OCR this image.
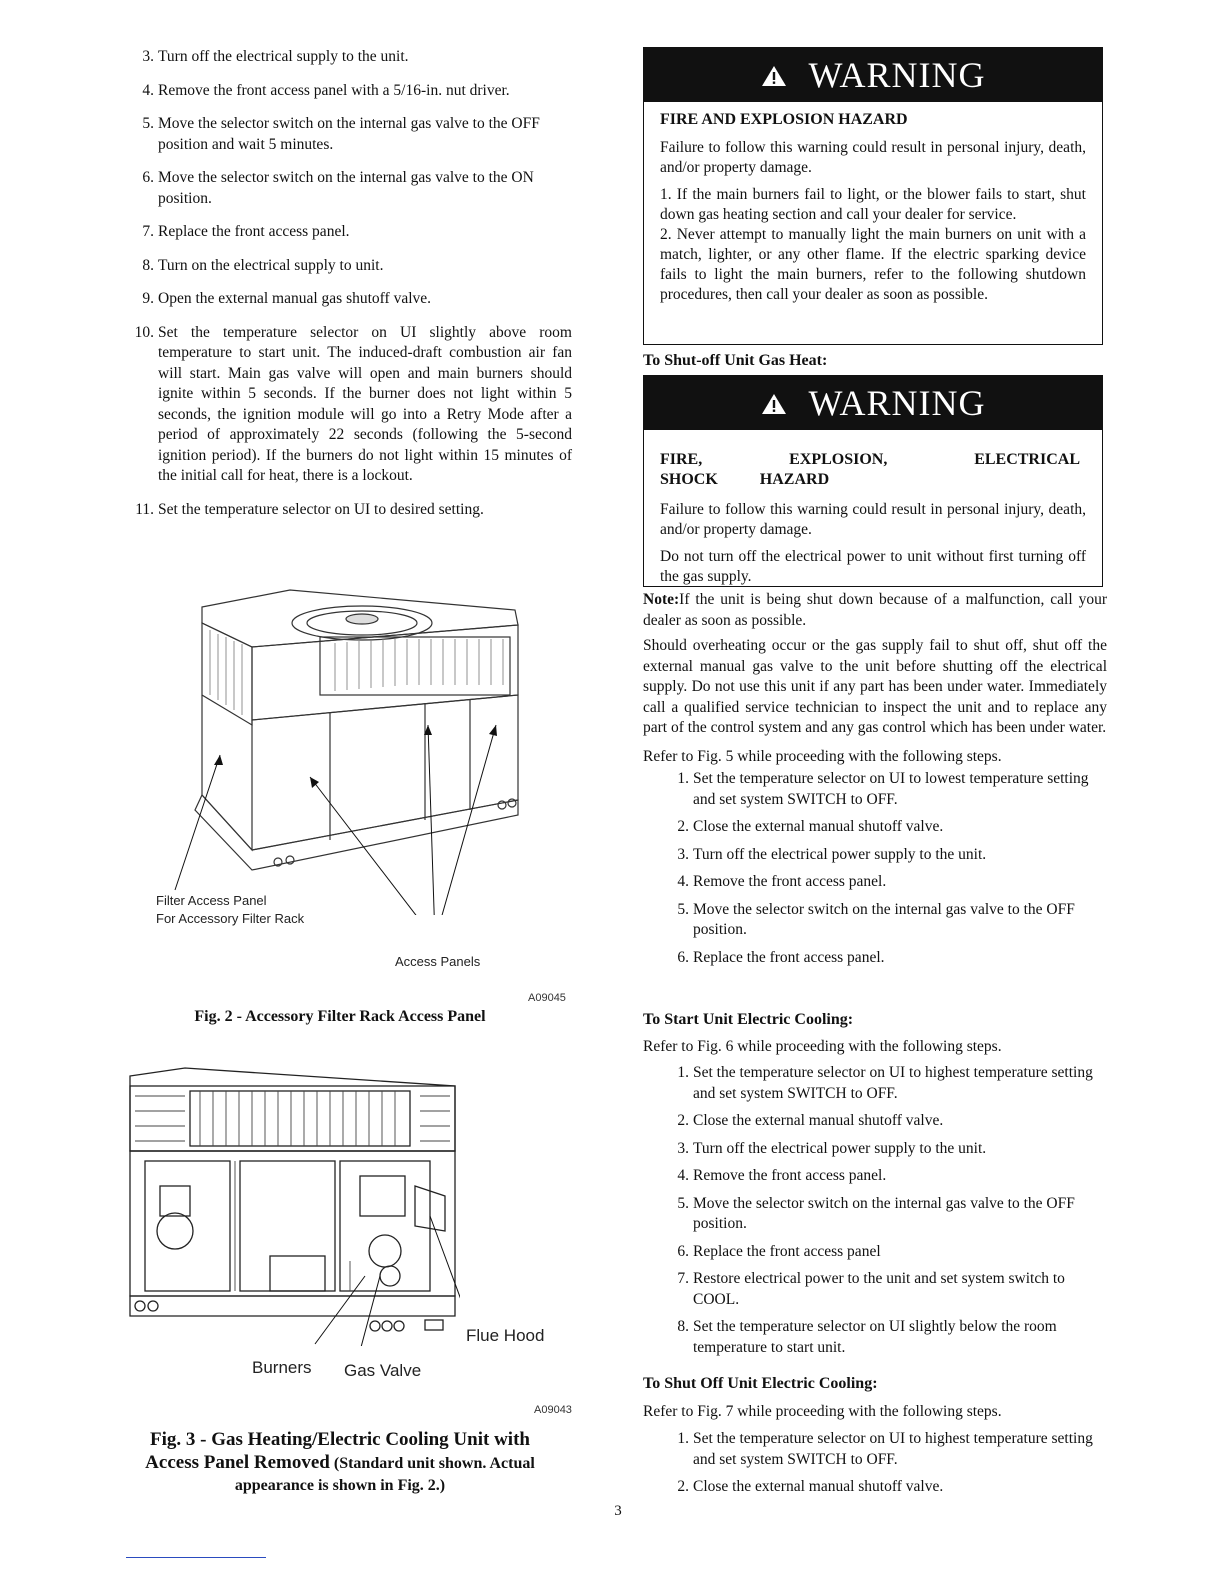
3. Turn off the electrical supply to the unit.
4. Remove the front access panel with a 5/16-in. nut driver.
5. Move the selector switch on the internal gas valve to the OFF position and wait 5 minutes.
6. Move the selector switch on the internal gas valve to the ON position.
7. Replace the front access panel.
8. Turn on the electrical supply to unit.
9. Open the external manual gas shutoff valve.
10. Set the temperature selector on UI slightly above room temperature to start unit. The induced-draft combustion air fan will start. Main gas valve will open and main burners should ignite within 5 seconds. If the burner does not light within 5 seconds, the ignition module will go into a Retry Mode after a period of approximately 22 seconds (following the 5-second ignition period). If the burners do not light within 15 minutes of the initial call for heat, there is a lockout.
11. Set the temperature selector on UI to desired setting.
Filter Access Panel
For Accessory Filter Rack
Access Panels
A09045
Fig. 2 - Accessory Filter Rack Access Panel
Flue Hood
Burners Gas Valve
A09043
Fig. 3 - Gas Heating/Electric Cooling Unit with
Access Panel Removed (Standard unit shown. Actual
appearance is shown in Fig. 2.)
WARNING
FIRE AND EXPLOSION HAZARD

Failure to follow this warning could result in personal injury, death, and/or property damage.

1. If the main burners fail to light, or the blower fails to start, shut down gas heating section and call your dealer for service.

2. Never attempt to manually light the main burners on unit with a match, lighter, or any other flame. If the electric sparking device fails to light the main burners, refer to the following shutdown procedures, then call your dealer as soon as possible.

To Shut-off Unit Gas Heat:
WARNING
FIRE, EXPLOSION, ELECTRICAL SHOCK HAZARD

Failure to follow this warning could result in personal injury, death, and/or property damage.

Do not turn off the electrical power to unit without first turning off the gas supply.

Note:If the unit is being shut down because of a malfunction, call your dealer as soon as possible.

Should overheating occur or the gas supply fail to shut off, shut off the external manual gas valve to the unit before shutting off the electrical supply. Do not use this unit if any part has been under water. Immediately call a qualified service technician to inspect the unit and to replace any part of the control system and any gas control which has been under water.

Refer to Fig. 5 while proceeding with the following steps.

1. Set the temperature selector on UI to lowest temperature setting and set system SWITCH to OFF.
2. Close the external manual shutoff valve.
3. Turn off the electrical power supply to the unit.
4. Remove the front access panel.
5. Move the selector switch on the internal gas valve to the OFF position.
6. Replace the front access panel.
To Start Unit Electric Cooling:
Refer to Fig. 6 while proceeding with the following steps.
1. Set the temperature selector on UI to highest temperature setting and set system SWITCH to OFF.
2. Close the external manual shutoff valve.
3. Turn off the electrical power supply to the unit.
4. Remove the front access panel.
5. Move the selector switch on the internal gas valve to the OFF position.
6. Replace the front access panel
7. Restore electrical power to the unit and set system switch to COOL.
8. Set the temperature selector on UI slightly below the room temperature to start unit.
To Shut Off Unit Electric Cooling:
Refer to Fig. 7 while proceeding with the following steps.
1. Set the temperature selector on UI to highest temperature setting and set system SWITCH to OFF.
2. Close the external manual shutoff valve.
3
